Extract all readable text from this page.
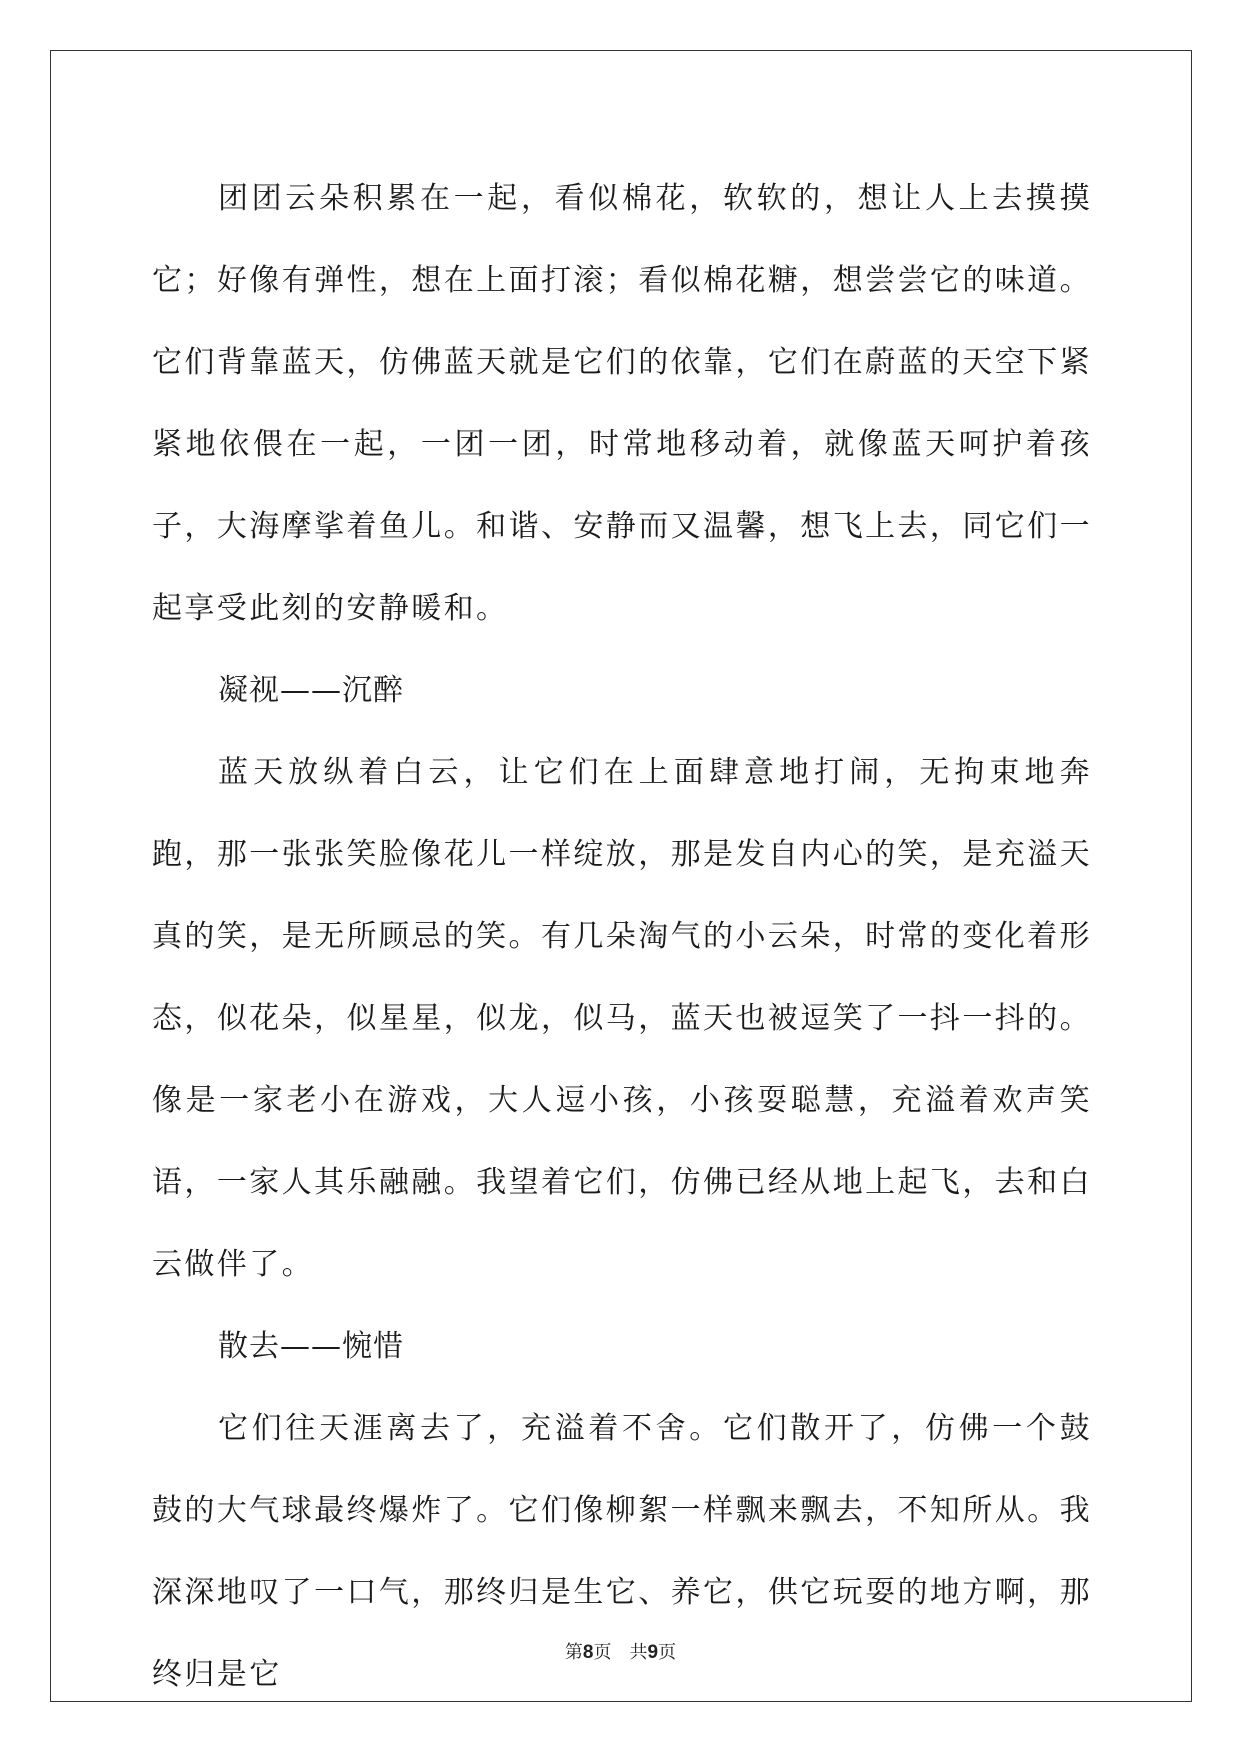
团团云朵积累在一起，看似棉花，软软的，想让人上去摸摸它；好像有弹性，想在上面打滚；看似棉花糖，想尝尝它的味道。它们背靠蓝天，仿佛蓝天就是它们的依靠，它们在蔚蓝的天空下紧紧地依偎在一起，一团一团，时常地移动着，就像蓝天呵护着孩子，大海摩挲着鱼儿。和谐、安静而又温馨，想飞上去，同它们一起享受此刻的安静暖和。

凝视——沉醉

蓝天放纵着白云，让它们在上面肆意地打闹，无拘束地奔跑，那一张张笑脸像花儿一样绽放，那是发自内心的笑，是充溢天真的笑，是无所顾忌的笑。有几朵淘气的小云朵，时常的变化着形态，似花朵，似星星，似龙，似马，蓝天也被逗笑了一抖一抖的。像是一家老小在游戏，大人逗小孩，小孩耍聪慧，充溢着欢声笑语，一家人其乐融融。我望着它们，仿佛已经从地上起飞，去和白云做伴了。

散去——惋惜

它们往天涯离去了，充溢着不舍。它们散开了，仿佛一个鼓鼓的大气球最终爆炸了。它们像柳絮一样飘来飘去，不知所从。我深深地叹了一口气，那终归是生它、养它，供它玩耍的地方啊，那终归是它

第8页 共9页
